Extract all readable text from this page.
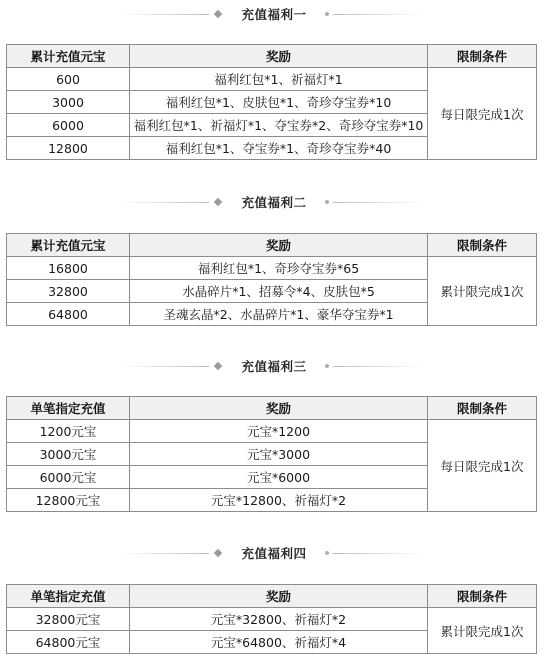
充值福利一
累计充值元宝	奖励	限制条件
600	福利红包*1、祈福灯*1	每日限完成1次
3000	福利红包*1、皮肤包*1、奇珍夺宝券*10	
6000	福利红包*1、祈福灯*1、夺宝券*2、奇珍夺宝券*10	
12800	福利红包*1、夺宝券*1、奇珍夺宝券*40	
充值福利二
累计充值元宝	奖励	限制条件
16800	福利红包*1、奇珍夺宝券*65	累计限完成1次
32800	水晶碎片*1、招募令*4、皮肤包*5	
64800	圣魂玄晶*2、水晶碎片*1、豪华夺宝券*1	
充值福利三
单笔指定充值	奖励	限制条件
1200元宝	元宝*1200	每日限完成1次
3000元宝	元宝*3000	
6000元宝	元宝*6000	
12800元宝	元宝*12800、祈福灯*2	
充值福利四
单笔指定充值	奖励	限制条件
32800元宝	元宝*32800、祈福灯*2	累计限完成1次
64800元宝	元宝*64800、祈福灯*4	
